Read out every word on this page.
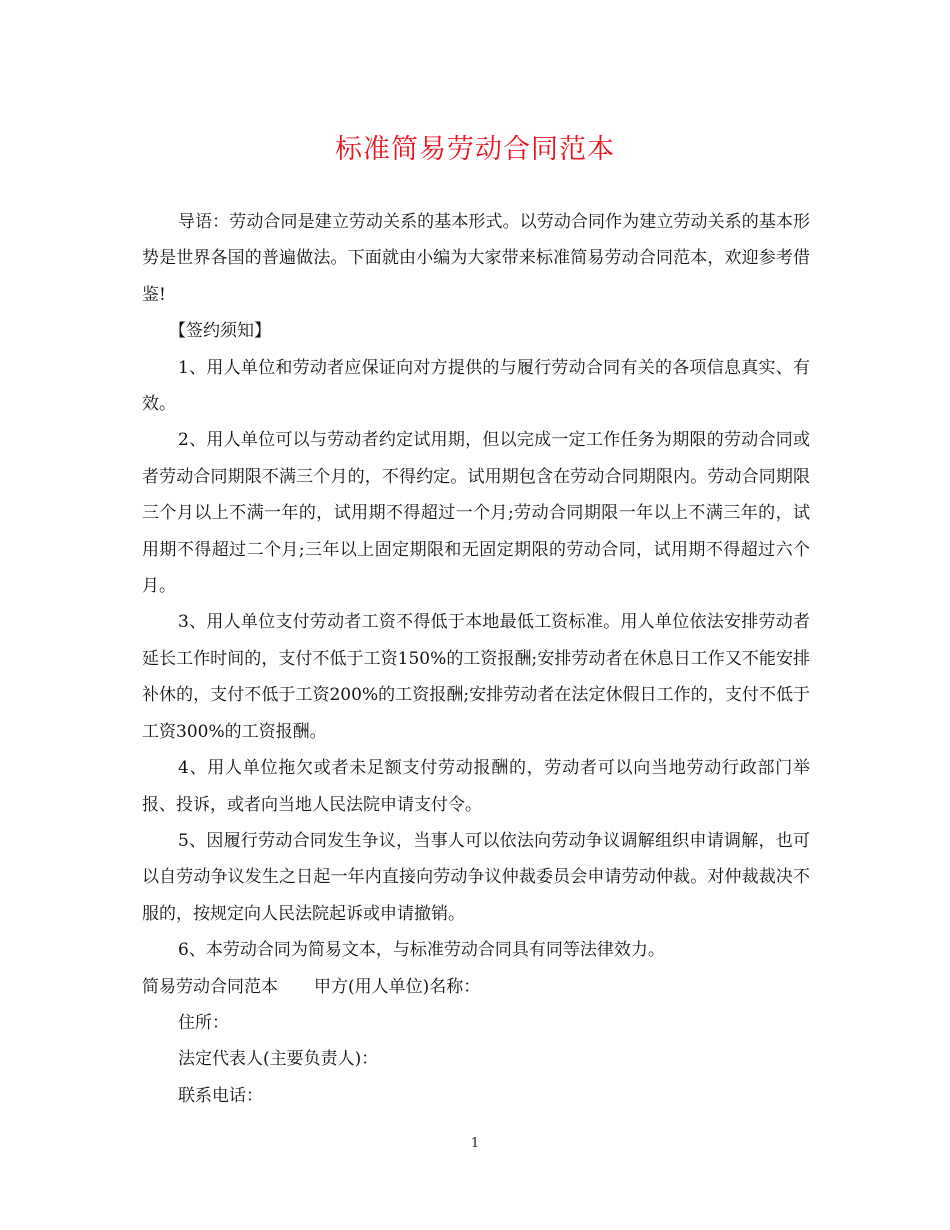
标准简易劳动合同范本

导语：劳动合同是建立劳动关系的基本形式。以劳动合同作为建立劳动关系的基本形势是世界各国的普遍做法。下面就由小编为大家带来标准简易劳动合同范本，欢迎参考借鉴!

【签约须知】

1、用人单位和劳动者应保证向对方提供的与履行劳动合同有关的各项信息真实、有效。

2、用人单位可以与劳动者约定试用期，但以完成一定工作任务为期限的劳动合同或者劳动合同期限不满三个月的，不得约定。试用期包含在劳动合同期限内。劳动合同期限三个月以上不满一年的，试用期不得超过一个月;劳动合同期限一年以上不满三年的，试用期不得超过二个月;三年以上固定期限和无固定期限的劳动合同，试用期不得超过六个月。

3、用人单位支付劳动者工资不得低于本地最低工资标准。用人单位依法安排劳动者延长工作时间的，支付不低于工资150%的工资报酬;安排劳动者在休息日工作又不能安排补休的，支付不低于工资200%的工资报酬;安排劳动者在法定休假日工作的，支付不低于工资300%的工资报酬。

4、用人单位拖欠或者未足额支付劳动报酬的，劳动者可以向当地劳动行政部门举报、投诉，或者向当地人民法院申请支付令。

5、因履行劳动合同发生争议，当事人可以依法向劳动争议调解组织申请调解，也可以自劳动争议发生之日起一年内直接向劳动争议仲裁委员会申请劳动仲裁。对仲裁裁决不服的，按规定向人民法院起诉或申请撤销。

6、本劳动合同为简易文本，与标准劳动合同具有同等法律效力。

简易劳动合同范本 甲方(用人单位)名称：

住所：

法定代表人(主要负责人)：

联系电话：

1
